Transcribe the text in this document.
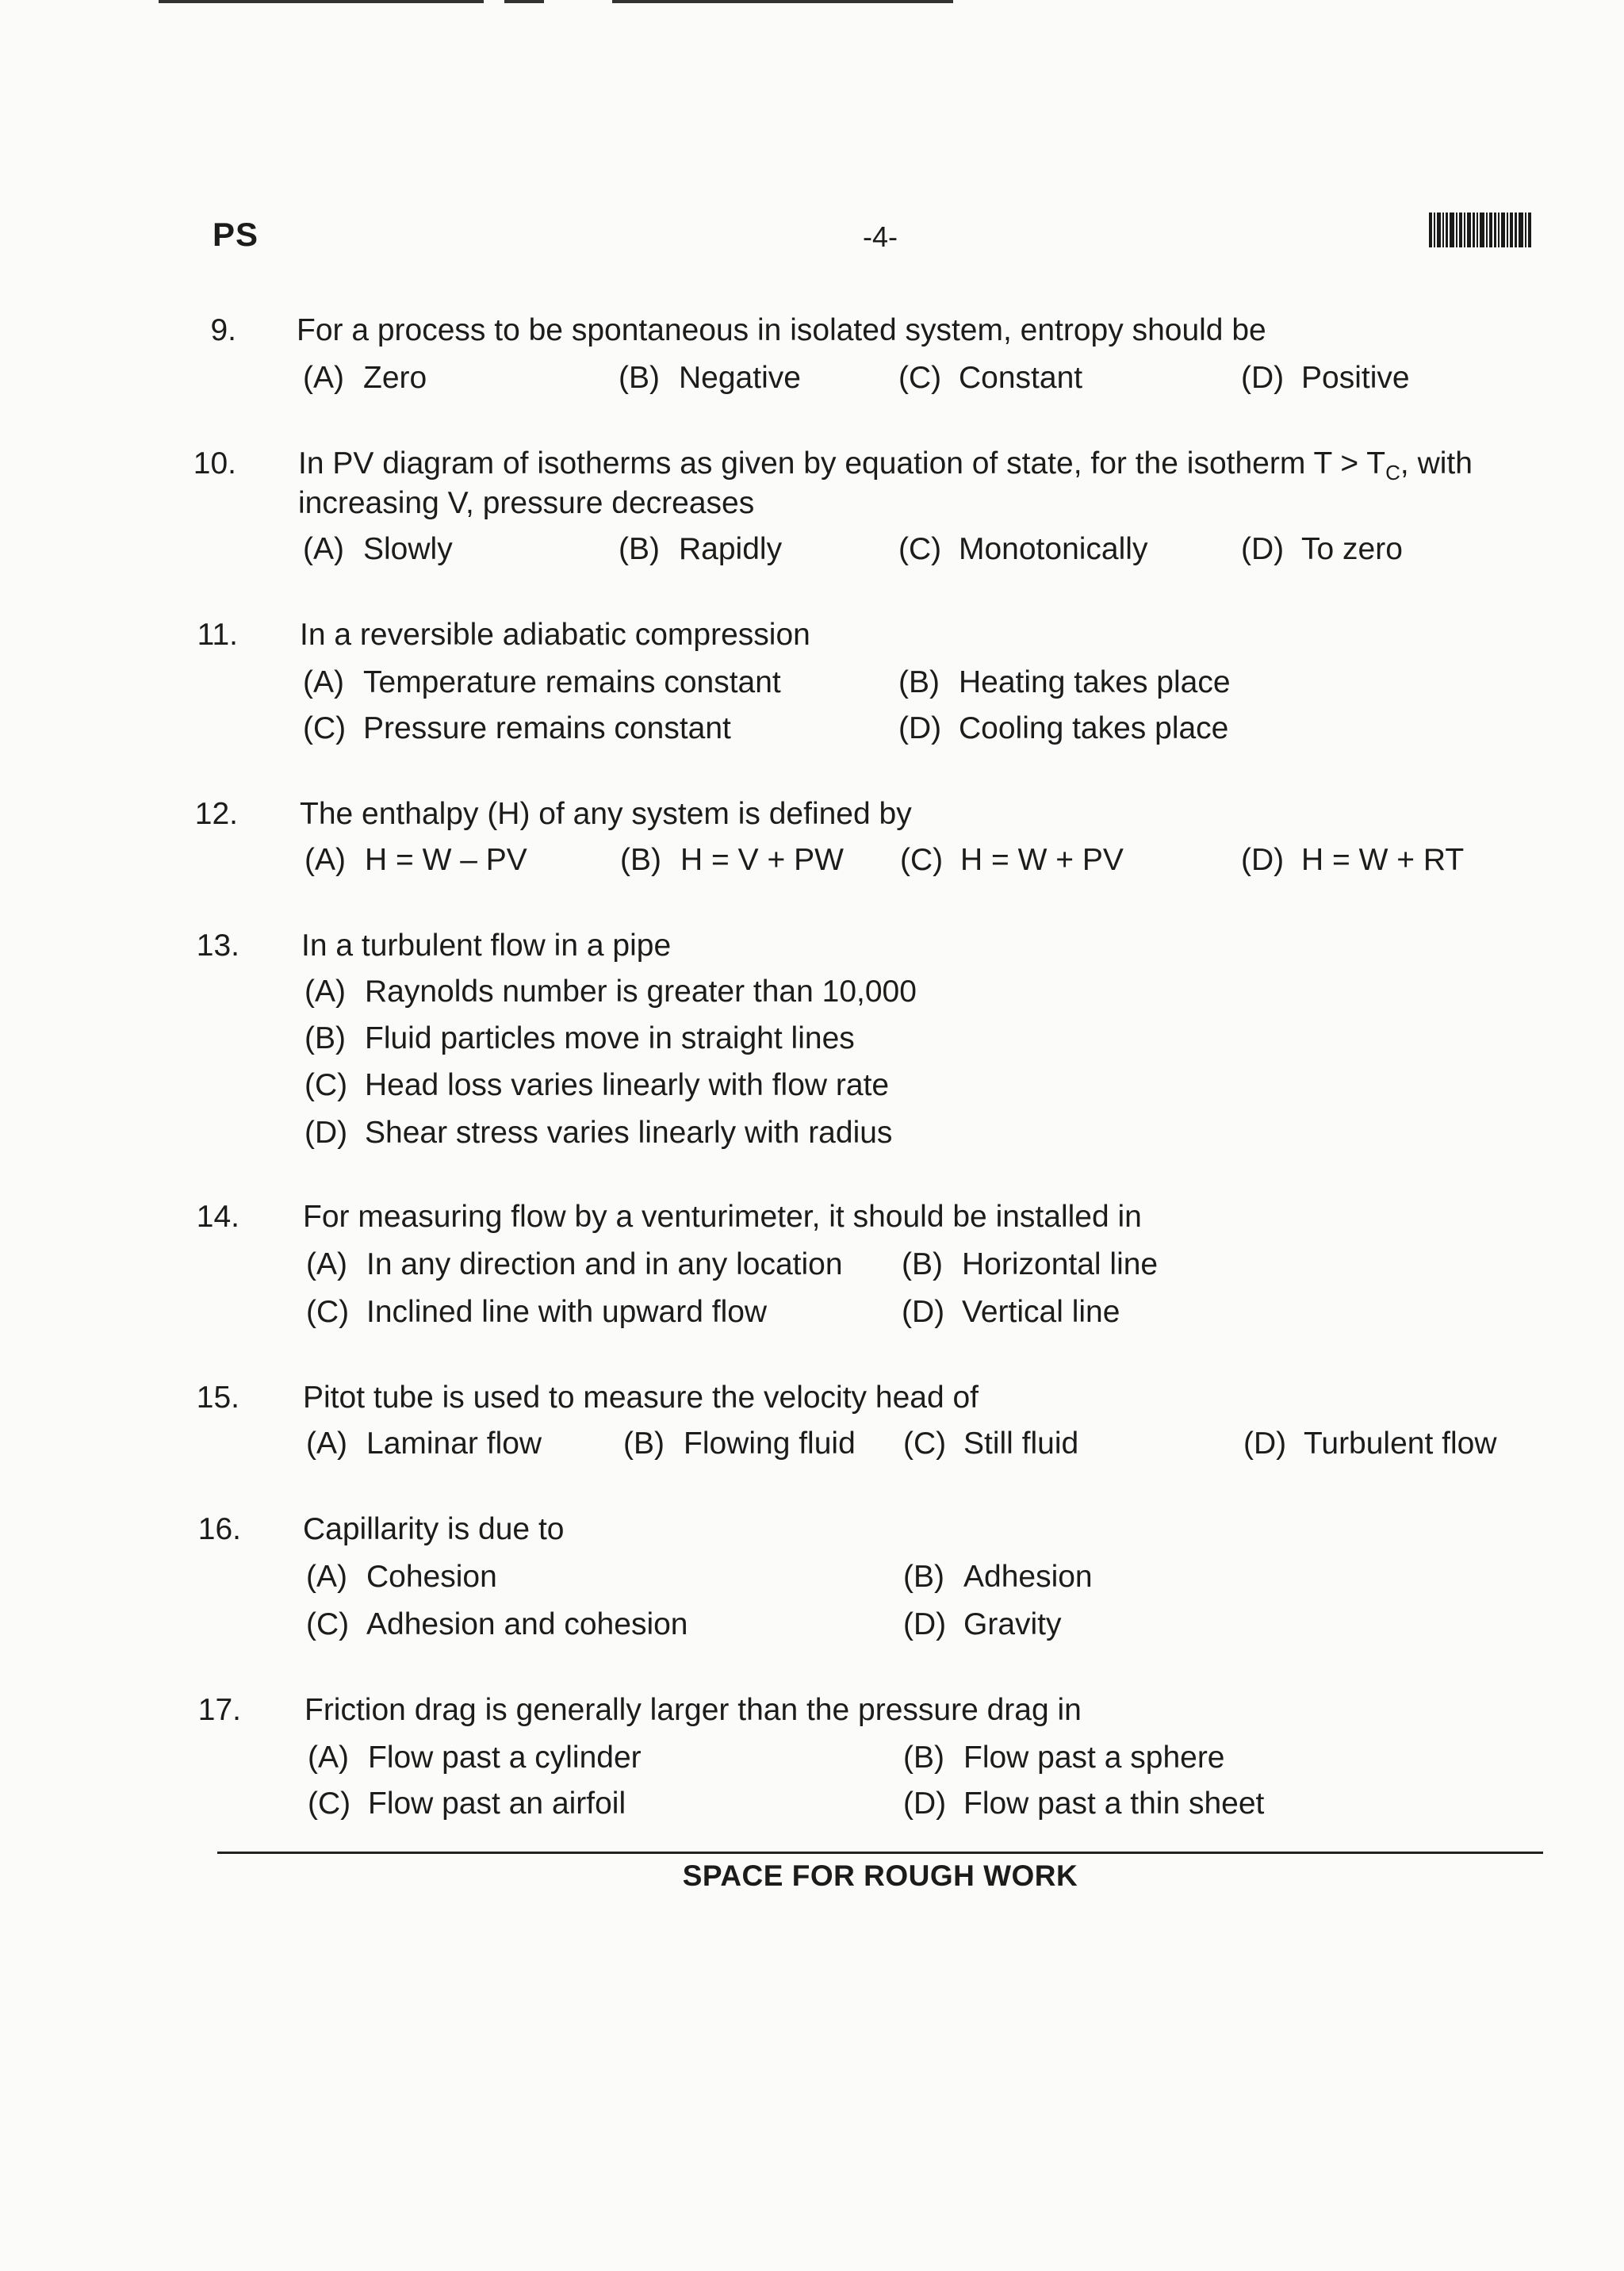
PS	-4-
9. For a process to be spontaneous in isolated system, entropy should be
(A) Zero	(B) Negative	(C) Constant	(D) Positive
10. In PV diagram of isotherms as given by equation of state, for the isotherm $T > T_C$, with
increasing V, pressure decreases
(A) Slowly	(B) Rapidly	(C) Monotonically	(D) To zero
11. In a reversible adiabatic compression
(A) Temperature remains constant	(B) Heating takes place
(C) Pressure remains constant	(D) Cooling takes place
12. The enthalpy (H) of any system is defined by
(A) H = W – PV	(B) H = V + PW (C) H = W + PV	(D) H = W + RT
13. In a turbulent flow in a pipe
(A) Raynolds number is greater than 10,000
(B) Fluid particles move in straight lines
(C) Head loss varies linearly with flow rate
(D) Shear stress varies linearly with radius
14. For measuring flow by a venturimeter, it should be installed in
(A) In any direction and in any location (B) Horizontal line
(C) Inclined line with upward flow	(D) Vertical line
15. Pitot tube is used to measure the velocity head of
(A) Laminar flow	(B) Flowing fluid (C) Still fluid	(D) Turbulent flow
16. Capillarity is due to
(A) Cohesion	(B) Adhesion
(C) Adhesion and cohesion	(D) Gravity
17. Friction drag is generally larger than the pressure drag in
(A) Flow past a cylinder	(B) Flow past a sphere
(C) Flow past an airfoil	(D) Flow past a thin sheet
SPACE FOR ROUGH WORK
